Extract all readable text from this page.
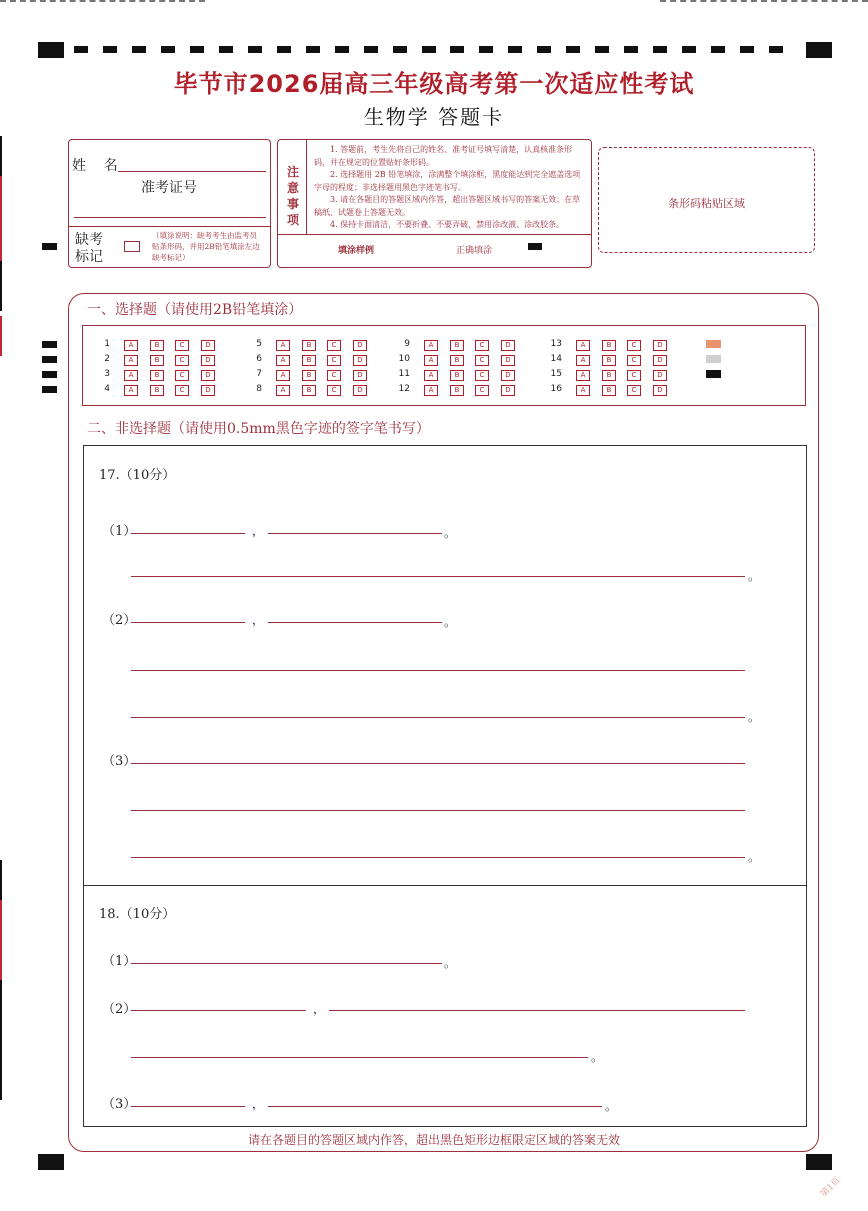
毕节市2026届高三年级高考第一次适应性考试
生物学 答题卡
姓    名
准考证号
缺考
标记
（填涂说明：缺考考生由监考员贴条形码，并用2B铅笔填涂左边缺考标记）
注意事项
1. 答题前，考生先将自己的姓名、准考证号填写清楚，认真核准条形码，并在规定的位置贴好条形码。
2. 选择题用 2B 铅笔填涂，涂满整个填涂框，黑度能达到完全遮盖选项字母的程度；非选择题用黑色字迹笔书写。
3. 请在各题目的答题区域内作答，超出答题区域书写的答案无效；在草稿纸、试题卷上答题无效。
4. 保持卡面清洁，不要折叠、不要弄破，禁用涂改液、涂改胶条。
填涂样例	正确填涂
条形码粘贴区域
一、选择题（请使用2B铅笔填涂）
1	A	B	C	D
2	A	B	C	D
3	A	B	C	D
4	A	B	C	D
5	A	B	C	D
6	A	B	C	D
7	A	B	C	D
8	A	B	C	D
9	A	B	C	D
10	A	B	C	D
11	A	B	C	D
12	A	B	C	D
13	A	B	C	D
14	A	B	C	D
15	A	B	C	D
16	A	B	C	D
二、非选择题（请使用0.5mm黑色字迹的签字笔书写）
17.（10分）
（1）	，	。
。
（2）	，	。
。
（3）
。
18.（10分）
（1）	。
（2）	，
。
（3）	，	。
请在各题目的答题区域内作答，超出黑色矩形边框限定区域的答案无效
第1页
